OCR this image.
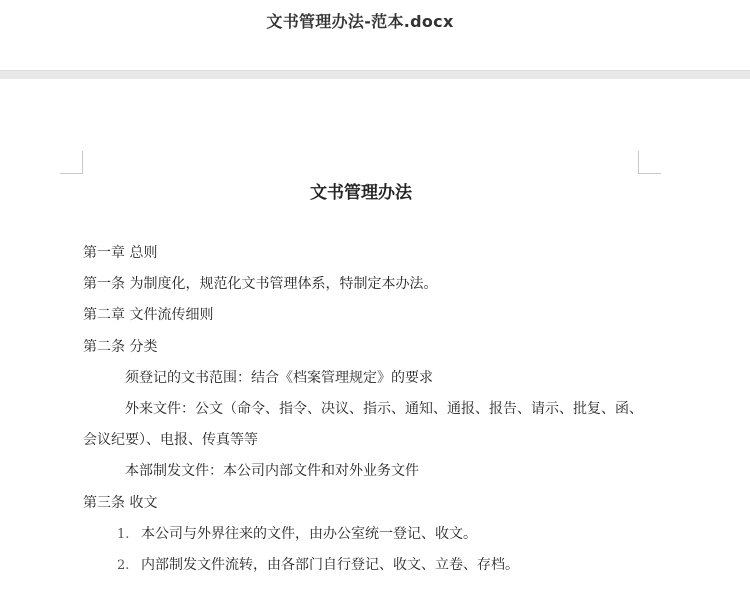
文书管理办法-范本.docx
文书管理办法
第一章 总则
第一条 为制度化，规范化文书管理体系，特制定本办法。
第二章 文件流传细则
第二条 分类
须登记的文书范围：结合《档案管理规定》的要求
外来文件：公文（命令、指令、决议、指示、通知、通报、报告、请示、批复、函、
会议纪要）、电报、传真等等
本部制发文件：本公司内部文件和对外业务文件
第三条 收文
1. 本公司与外界往来的文件，由办公室统一登记、收文。
2. 内部制发文件流转，由各部门自行登记、收文、立卷、存档。
